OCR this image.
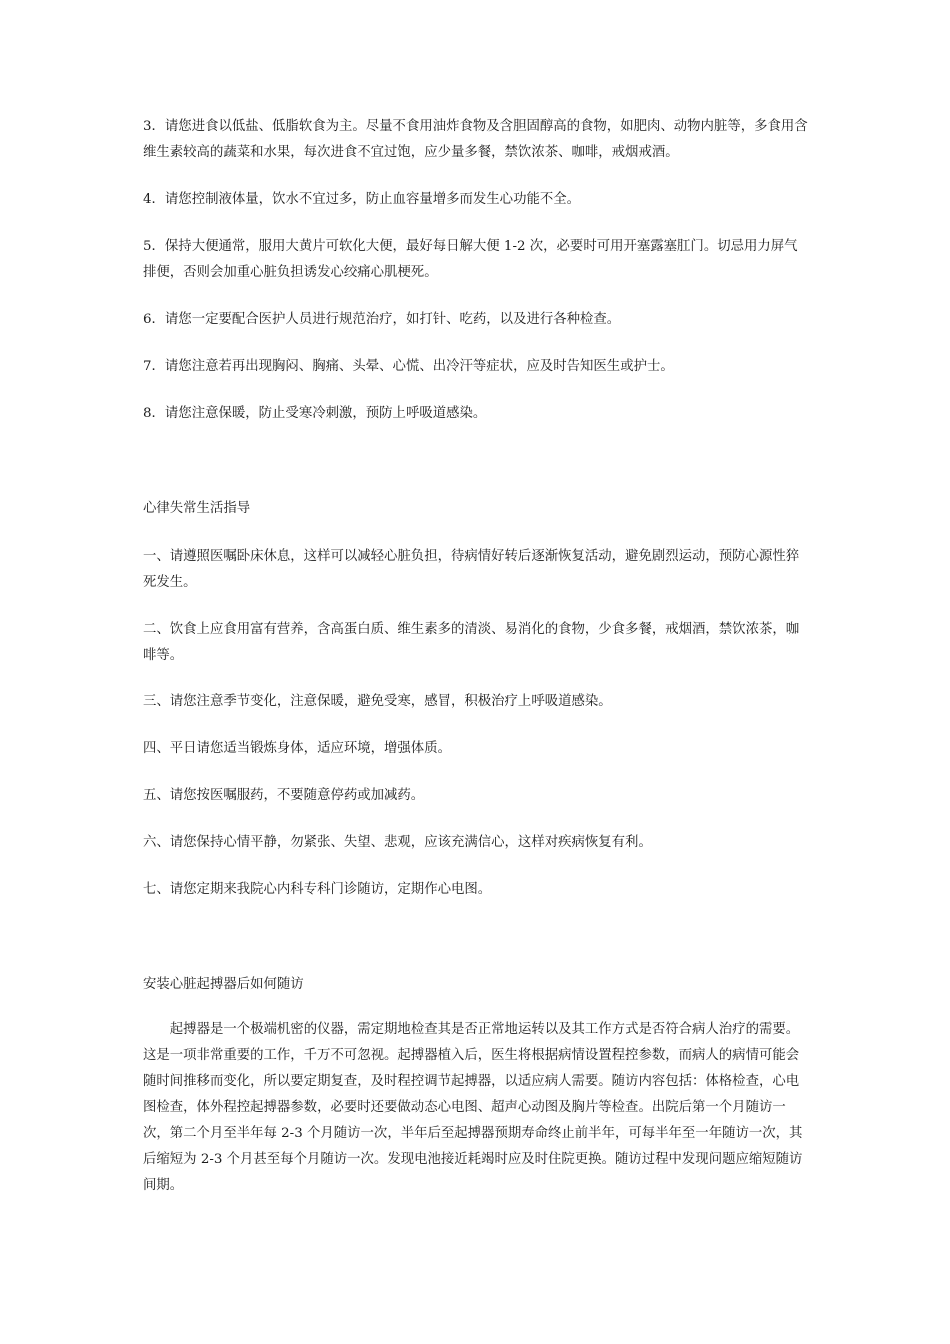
3．请您进食以低盐、低脂软食为主。尽量不食用油炸食物及含胆固醇高的食物，如肥肉、动物内脏等，多食用含维生素较高的蔬菜和水果，每次进食不宜过饱，应少量多餐，禁饮浓茶、咖啡，戒烟戒酒。

4．请您控制液体量，饮水不宜过多，防止血容量增多而发生心功能不全。

5．保持大便通常，服用大黄片可软化大便，最好每日解大便 1-2 次，必要时可用开塞露塞肛门。切忌用力屏气排便，否则会加重心脏负担诱发心绞痛心肌梗死。

6．请您一定要配合医护人员进行规范治疗，如打针、吃药，以及进行各种检查。

7．请您注意若再出现胸闷、胸痛、头晕、心慌、出冷汗等症状，应及时告知医生或护士。

8．请您注意保暖，防止受寒冷刺激，预防上呼吸道感染。

心律失常生活指导

一、请遵照医嘱卧床休息，这样可以减轻心脏负担，待病情好转后逐渐恢复活动，避免剧烈运动，预防心源性猝死发生。

二、饮食上应食用富有营养，含高蛋白质、维生素多的清淡、易消化的食物，少食多餐，戒烟酒，禁饮浓茶，咖啡等。

三、请您注意季节变化，注意保暖，避免受寒，感冒，积极治疗上呼吸道感染。

四、平日请您适当锻炼身体，适应环境，增强体质。

五、请您按医嘱服药，不要随意停药或加减药。

六、请您保持心情平静，勿紧张、失望、悲观，应该充满信心，这样对疾病恢复有利。

七、请您定期来我院心内科专科门诊随访，定期作心电图。

安装心脏起搏器后如何随访

起搏器是一个极端机密的仪器，需定期地检查其是否正常地运转以及其工作方式是否符合病人治疗的需要。这是一项非常重要的工作，千万不可忽视。起搏器植入后，医生将根据病情设置程控参数，而病人的病情可能会随时间推移而变化，所以要定期复查，及时程控调节起搏器，以适应病人需要。随访内容包括：体格检查，心电图检查，体外程控起搏器参数，必要时还要做动态心电图、超声心动图及胸片等检查。出院后第一个月随访一次，第二个月至半年每 2-3 个月随访一次，半年后至起搏器预期寿命终止前半年，可每半年至一年随访一次，其后缩短为 2-3 个月甚至每个月随访一次。发现电池接近耗竭时应及时住院更换。随访过程中发现问题应缩短随访间期。
